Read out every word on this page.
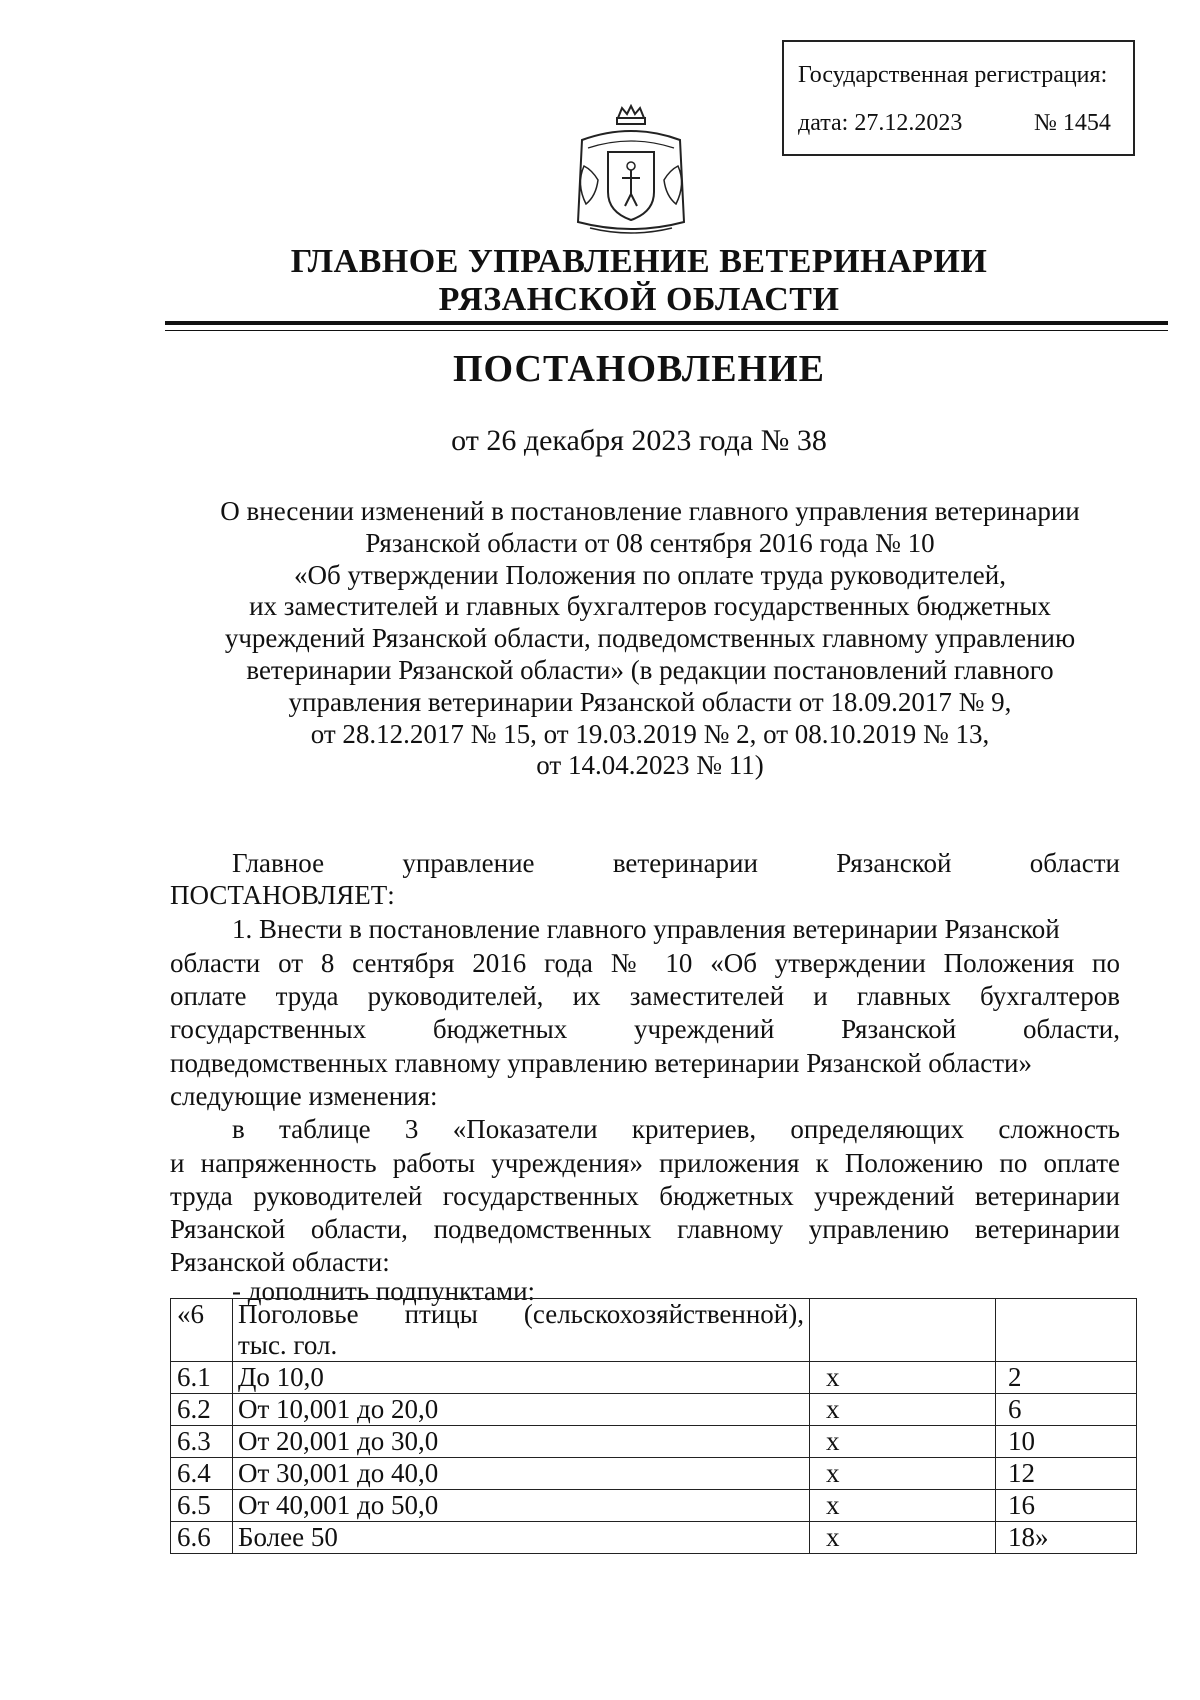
Государственная регистрация:
дата: 27.12.2023	№ 1454
ГЛАВНОЕ УПРАВЛЕНИЕ ВЕТЕРИНАРИИ
РЯЗАНСКОЙ ОБЛАСТИ
ПОСТАНОВЛЕНИЕ
от 26 декабря 2023 года № 38
О внесении изменений в постановление главного управления ветеринарии
Рязанской области от 08 сентября 2016 года № 10
«Об утверждении Положения по оплате труда руководителей,
их заместителей и главных бухгалтеров государственных бюджетных
учреждений Рязанской области, подведомственных главному управлению
ветеринарии Рязанской области» (в редакции постановлений главного
управления ветеринарии Рязанской области от 18.09.2017 № 9,
от 28.12.2017 № 15, от 19.03.2019 № 2, от 08.10.2019 № 13,
от 14.04.2023 № 11)
Главное управление ветеринарии Рязанской области
ПОСТАНОВЛЯЕТ:
1. Внести в постановление главного управления ветеринарии Рязанской
области от 8 сентября 2016 года № 10 «Об утверждении Положения по
оплате труда руководителей, их заместителей и главных бухгалтеров
государственных бюджетных учреждений Рязанской области,
подведомственных главному управлению ветеринарии Рязанской области»
следующие изменения:
в таблице 3 «Показатели критериев, определяющих сложность
и напряженность работы учреждения» приложения к Положению по оплате
труда руководителей государственных бюджетных учреждений ветеринарии
Рязанской области, подведомственных главному управлению ветеринарии
Рязанской области:
- дополнить подпунктами:
«6	Поголовье птицы (сельскохозяйственной),
тыс. гол.		
6.1	До 10,0	х	2
6.2	От 10,001 до 20,0	х	6
6.3	От 20,001 до 30,0	х	10
6.4	От 30,001 до 40,0	х	12
6.5	От 40,001 до 50,0	х	16
6.6	Более 50	х	18»
